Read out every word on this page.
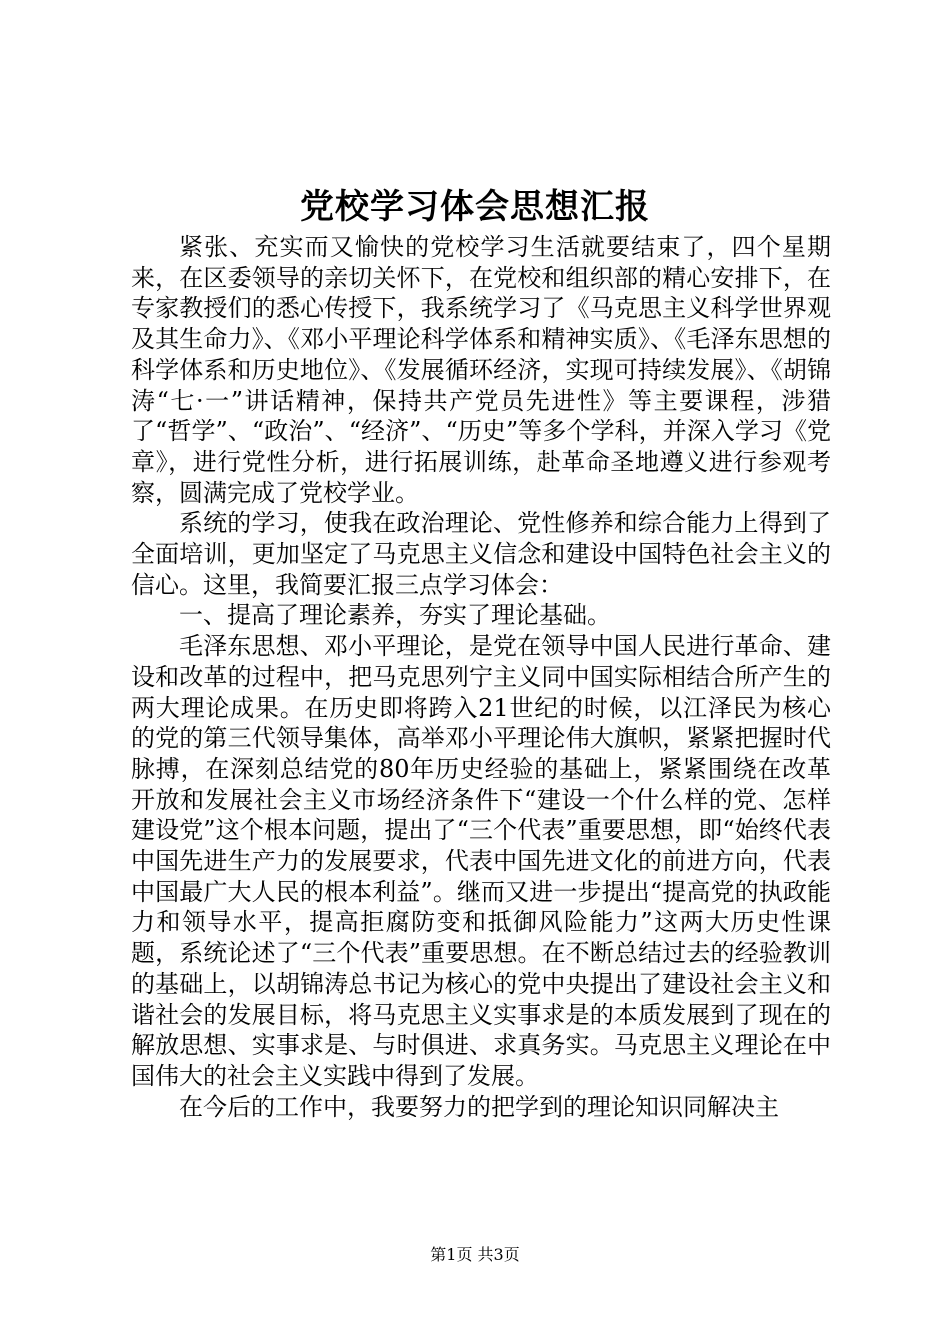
党校学习体会思想汇报

紧张、充实而又愉快的党校学习生活就要结束了，四个星期来，在区委领导的亲切关怀下，在党校和组织部的精心安排下，在专家教授们的悉心传授下，我系统学习了《马克思主义科学世界观及其生命力》、《邓小平理论科学体系和精神实质》、《毛泽东思想的科学体系和历史地位》、《发展循环经济，实现可持续发展》、《胡锦涛“七·一”讲话精神，保持共产党员先进性》等主要课程，涉猎了“哲学”、“政治”、“经济”、“历史”等多个学科，并深入学习《党章》，进行党性分析，进行拓展训练，赴革命圣地遵义进行参观考察，圆满完成了党校学业。

系统的学习，使我在政治理论、党性修养和综合能力上得到了全面培训，更加坚定了马克思主义信念和建设中国特色社会主义的信心。这里，我简要汇报三点学习体会：

一、提高了理论素养，夯实了理论基础。

毛泽东思想、邓小平理论，是党在领导中国人民进行革命、建设和改革的过程中，把马克思列宁主义同中国实际相结合所产生的两大理论成果。在历史即将跨入21世纪的时候，以江泽民为核心的党的第三代领导集体，高举邓小平理论伟大旗帜，紧紧把握时代脉搏，在深刻总结党的80年历史经验的基础上，紧紧围绕在改革开放和发展社会主义市场经济条件下“建设一个什么样的党、怎样建设党”这个根本问题，提出了“三个代表”重要思想，即“始终代表中国先进生产力的发展要求，代表中国先进文化的前进方向，代表中国最广大人民的根本利益”。继而又进一步提出“提高党的执政能力和领导水平，提高拒腐防变和抵御风险能力”这两大历史性课题，系统论述了“三个代表”重要思想。在不断总结过去的经验教训的基础上，以胡锦涛总书记为核心的党中央提出了建设社会主义和谐社会的发展目标，将马克思主义实事求是的本质发展到了现在的解放思想、实事求是、与时俱进、求真务实。马克思主义理论在中国伟大的社会主义实践中得到了发展。

在今后的工作中，我要努力的把学到的理论知识同解决主

第1页 共3页
